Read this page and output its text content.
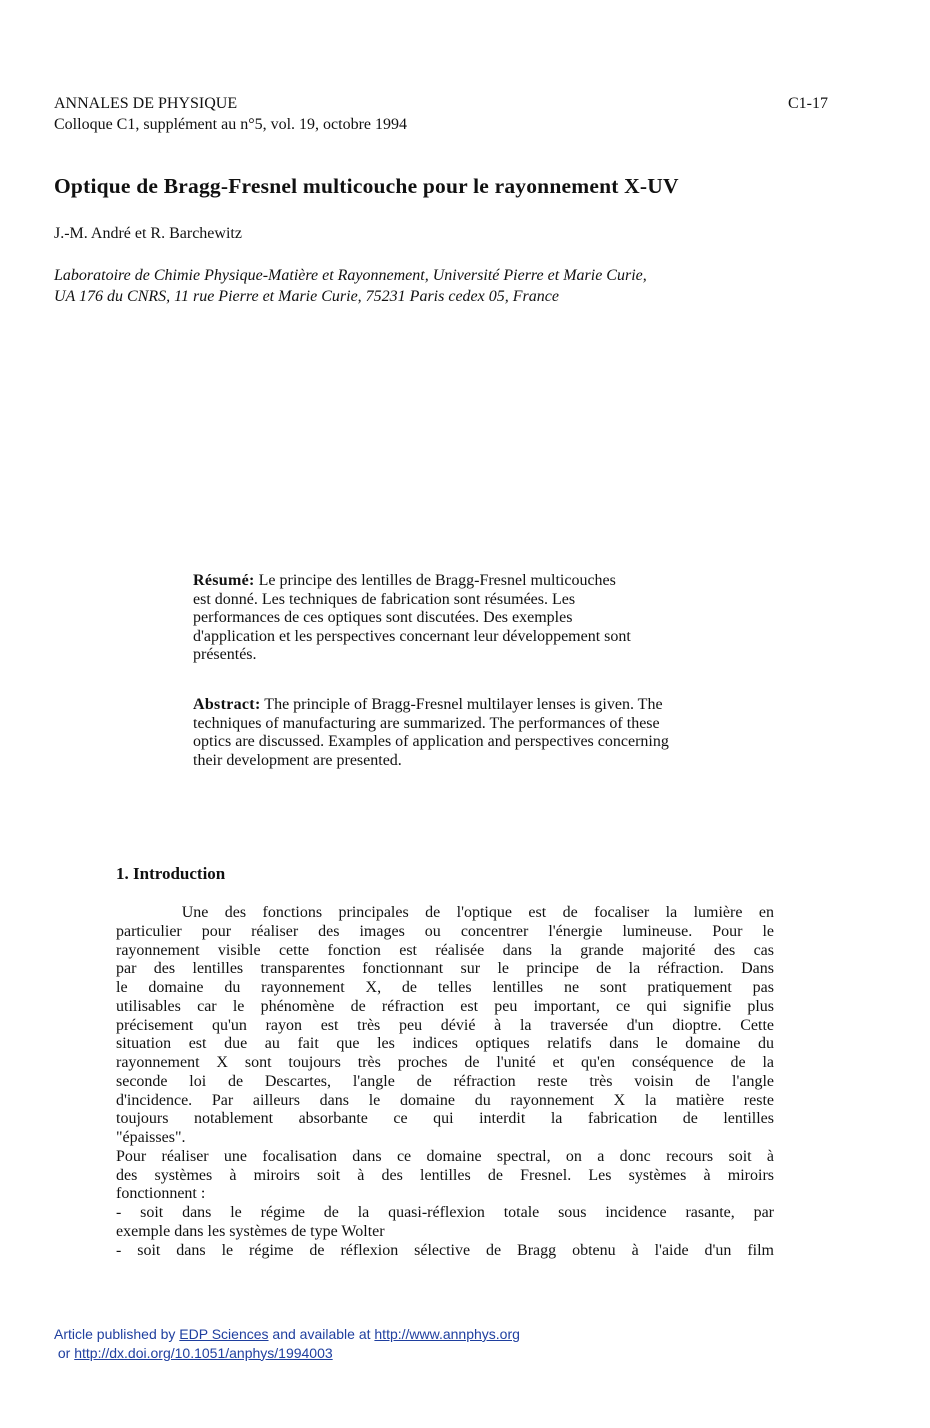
ANNALES DE PHYSIQUE
Colloque C1, supplément au n°5, vol. 19, octobre 1994
C1-17
Optique de Bragg-Fresnel multicouche pour le rayonnement X-UV
J.-M. André et R. Barchewitz
Laboratoire de Chimie Physique-Matière et Rayonnement, Université Pierre et Marie Curie,
UA 176 du CNRS, 11 rue Pierre et Marie Curie, 75231 Paris cedex 05, France
Résumé: Le principe des lentilles de Bragg-Fresnel multicouches
est donné. Les techniques de fabrication sont résumées. Les
performances de ces optiques sont discutées. Des exemples
d'application et les perspectives concernant leur développement sont
présentés.
Abstract: The principle of Bragg-Fresnel multilayer lenses is given. The
techniques of manufacturing are summarized. The performances of these
optics are discussed. Examples of application and perspectives concerning
their development are presented.
1. Introduction
Une des fonctions principales de l'optique est de focaliser la lumière en
particulier pour réaliser des images ou concentrer l'énergie lumineuse. Pour le
rayonnement visible cette fonction est réalisée dans la grande majorité des cas
par des lentilles transparentes fonctionnant sur le principe de la réfraction. Dans
le domaine du rayonnement X, de telles lentilles ne sont pratiquement pas
utilisables car le phénomène de réfraction est peu important, ce qui signifie plus
précisement qu'un rayon est très peu dévié à la traversée d'un dioptre. Cette
situation est due au fait que les indices optiques relatifs dans le domaine du
rayonnement X sont toujours très proches de l'unité et qu'en conséquence de la
seconde loi de Descartes, l'angle de réfraction reste très voisin de l'angle
d'incidence. Par ailleurs dans le domaine du rayonnement X la matière reste
toujours notablement absorbante ce qui interdit la fabrication de lentilles
"épaisses".
Pour réaliser une focalisation dans ce domaine spectral, on a donc recours soit à
des systèmes à miroirs soit à des lentilles de Fresnel. Les systèmes à miroirs
fonctionnent :
- soit dans le régime de la quasi-réflexion totale sous incidence rasante, par
exemple dans les systèmes de type Wolter
- soit dans le régime de réflexion sélective de Bragg obtenu à l'aide d'un film
Article published by EDP Sciences and available at http://www.annphys.org
or http://dx.doi.org/10.1051/anphys/1994003
